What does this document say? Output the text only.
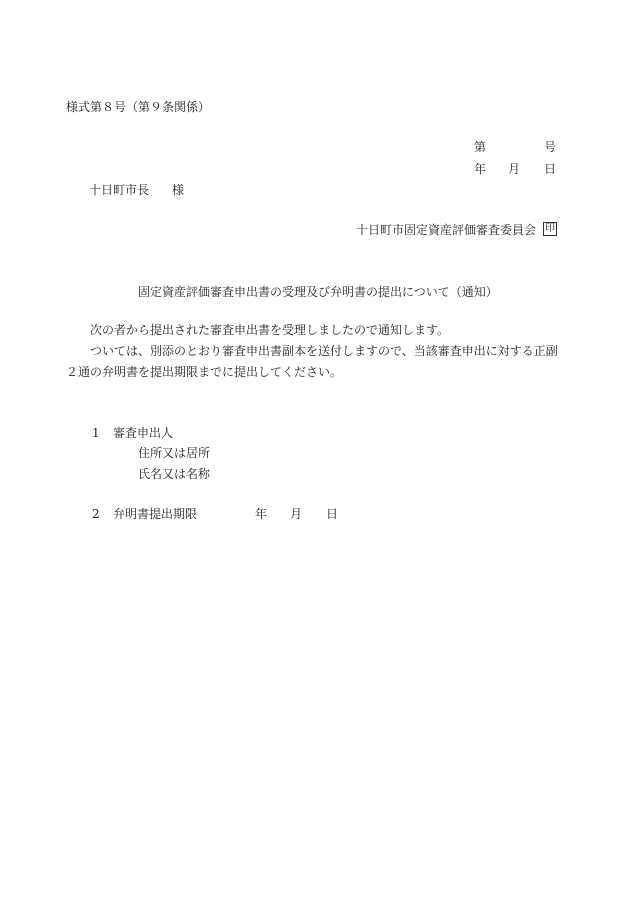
様式第８号（第９条関係）
第	号
年 月 日
十日町市長 様
十日町市固定資産評価審査委員会 印
固定資産評価審査申出書の受理及び弁明書の提出について（通知）
次の者から提出された審査申出書を受理しましたので通知します。
ついては、別添のとおり審査申出書副本を送付しますので、当該審査申出に対する正副
２通の弁明書を提出期限までに提出してください。
1 審査申出人
住所又は居所
氏名又は名称
2 弁明書提出期限	年 月 日
